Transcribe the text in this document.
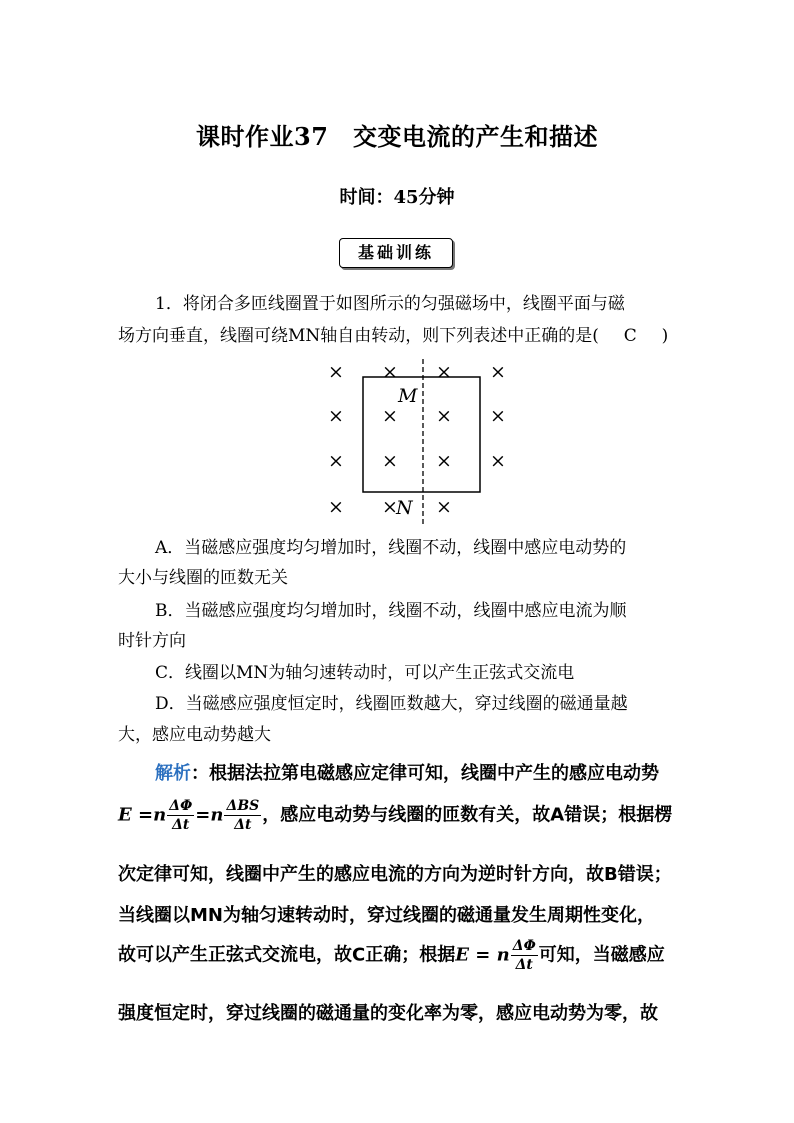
课时作业37　交变电流的产生和描述
时间：45分钟
基础训练
1．将闭合多匝线圈置于如图所示的匀强磁场中，线圈平面与磁
场方向垂直，线圈可绕MN轴自由转动，则下列表述中正确的是( C )
× × × ×
× × × ×
× × × ×
× × ×
M
N
A．当磁感应强度均匀增加时，线圈不动，线圈中感应电动势的
大小与线圈的匝数无关
B．当磁感应强度均匀增加时，线圈不动，线圈中感应电流为顺
时针方向
C．线圈以MN为轴匀速转动时，可以产生正弦式交流电
D．当磁感应强度恒定时，线圈匝数越大，穿过线圈的磁通量越
大，感应电动势越大
解析：根据法拉第电磁感应定律可知，线圈中产生的感应电动势
$E =n \frac{\Delta\Phi}{\Delta t} =n \frac{\text{ΔBS}}{\Delta t}$ ，感应电动势与线圈的匝数有关，故A错误；根据楞
次定律可知，线圈中产生的感应电流的方向为逆时针方向，故B错误；
当线圈以MN为轴匀速转动时，穿过线圈的磁通量发生周期性变化，
故可以产生正弦式交流电，故C正确；根据E = n $\frac{\Delta\Phi}{\Delta t}$ 可知，当磁感应
强度恒定时，穿过线圈的磁通量的变化率为零，感应电动势为零，故
